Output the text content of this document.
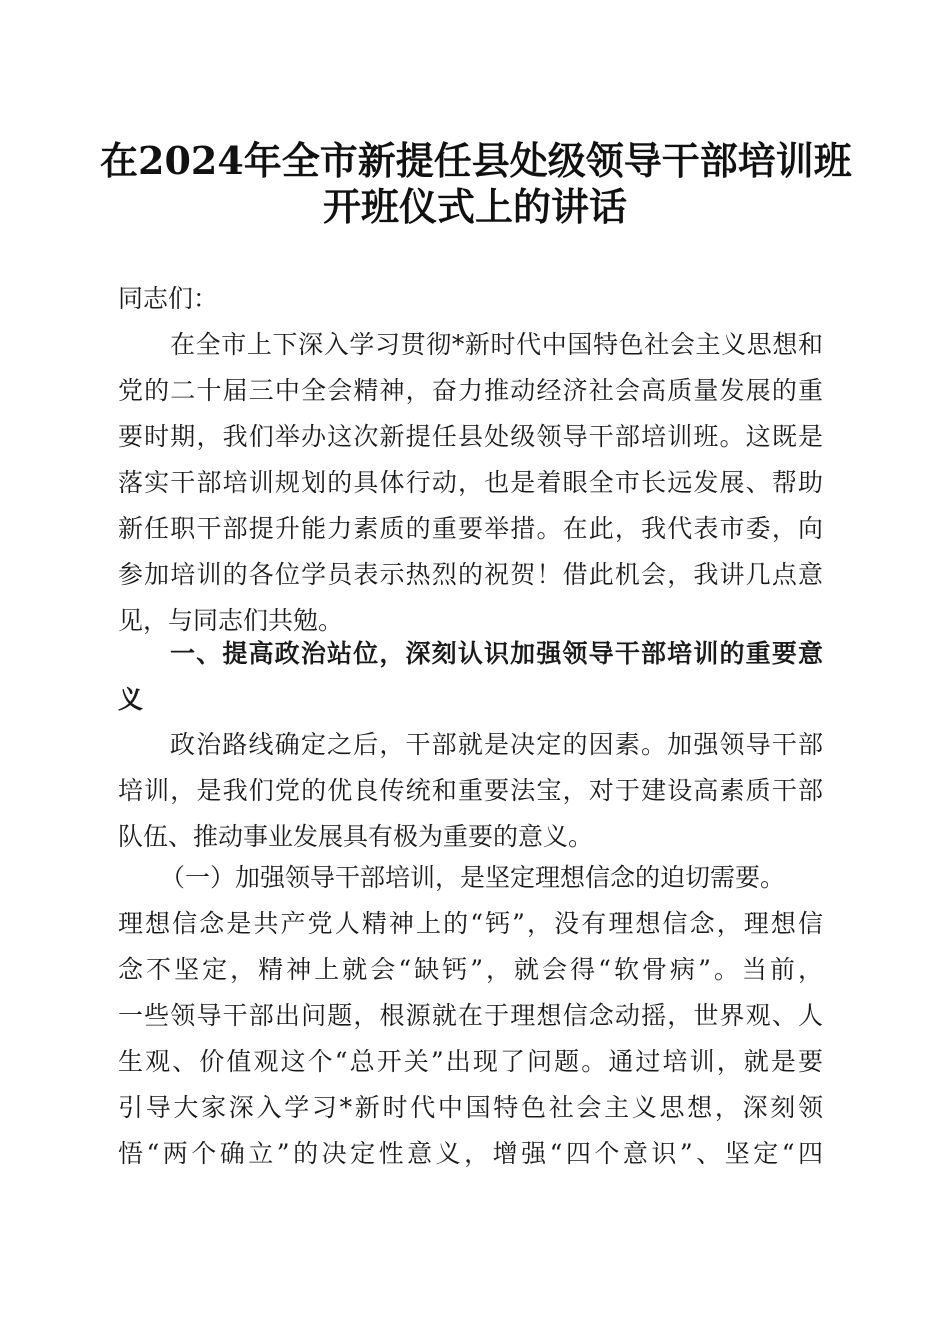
在2024年全市新提任县处级领导干部培训班
开班仪式上的讲话
同志们：
在全市上下深入学习贯彻*新时代中国特色社会主义思想和
党的二十届三中全会精神，奋力推动经济社会高质量发展的重
要时期，我们举办这次新提任县处级领导干部培训班。这既是
落实干部培训规划的具体行动，也是着眼全市长远发展、帮助
新任职干部提升能力素质的重要举措。在此，我代表市委，向
参加培训的各位学员表示热烈的祝贺！借此机会，我讲几点意
见，与同志们共勉。
一、提高政治站位，深刻认识加强领导干部培训的重要意
义
政治路线确定之后，干部就是决定的因素。加强领导干部
培训，是我们党的优良传统和重要法宝，对于建设高素质干部
队伍、推动事业发展具有极为重要的意义。
（一）加强领导干部培训，是坚定理想信念的迫切需要。
理想信念是共产党人精神上的“钙”，没有理想信念，理想信
念不坚定，精神上就会“缺钙”，就会得“软骨病”。当前，
一些领导干部出问题，根源就在于理想信念动摇，世界观、人
生观、价值观这个“总开关”出现了问题。通过培训，就是要
引导大家深入学习*新时代中国特色社会主义思想，深刻领
悟“两个确立”的决定性意义，增强“四个意识”、坚定“四
